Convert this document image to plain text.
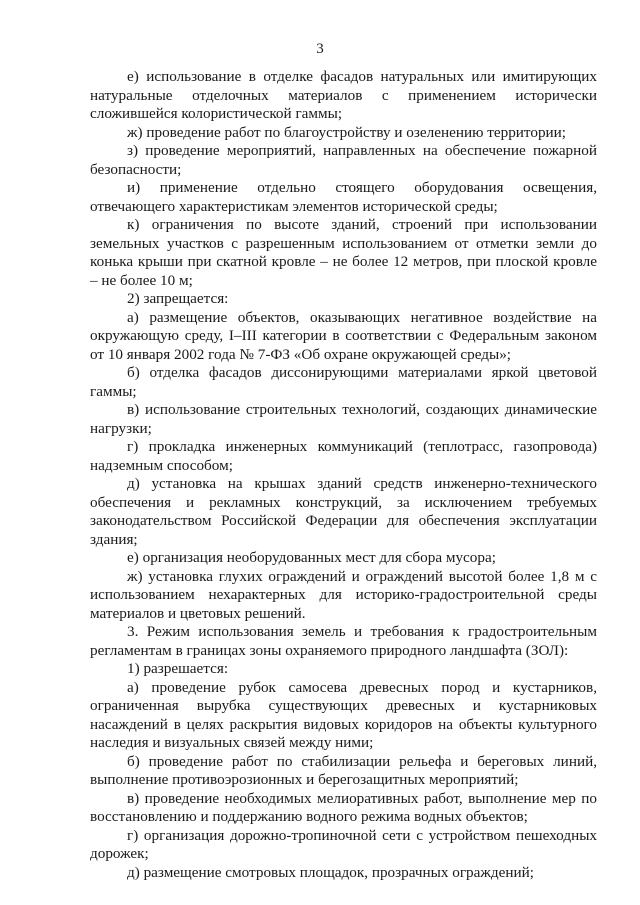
3

е) использование в отделке фасадов натуральных или имитирующих натуральные отделочных материалов с применением исторически сложившейся колористической гаммы;

ж) проведение работ по благоустройству и озеленению территории;

з) проведение мероприятий, направленных на обеспечение пожарной безопасности;

и) применение отдельно стоящего оборудования освещения, отвечающего характеристикам элементов исторической среды;

к) ограничения по высоте зданий, строений при использовании земельных участков с разрешенным использованием от отметки земли до конька крыши при скатной кровле – не более 12 метров, при плоской кровле – не более 10 м;

2) запрещается:

а) размещение объектов, оказывающих негативное воздействие на окружающую среду, I–III категории в соответствии с Федеральным законом от 10 января 2002 года № 7-ФЗ «Об охране окружающей среды»;

б) отделка фасадов диссонирующими материалами яркой цветовой гаммы;

в) использование строительных технологий, создающих динамические нагрузки;

г) прокладка инженерных коммуникаций (теплотрасс, газопровода) надземным способом;

д) установка на крышах зданий средств инженерно-технического обеспечения и рекламных конструкций, за исключением требуемых законодательством Российской Федерации для обеспечения эксплуатации здания;

е) организация необорудованных мест для сбора мусора;

ж) установка глухих ограждений и ограждений высотой более 1,8 м с использованием нехарактерных для историко-градостроительной среды материалов и цветовых решений.

3. Режим использования земель и требования к градостроительным регламентам в границах зоны охраняемого природного ландшафта (ЗОЛ):

1) разрешается:

а) проведение рубок самосева древесных пород и кустарников, ограниченная вырубка существующих древесных и кустарниковых насаждений в целях раскрытия видовых коридоров на объекты культурного наследия и визуальных связей между ними;

б) проведение работ по стабилизации рельефа и береговых линий, выполнение противоэрозионных и берегозащитных мероприятий;

в) проведение необходимых мелиоративных работ, выполнение мер по восстановлению и поддержанию водного режима водных объектов;

г) организация дорожно-тропиночной сети с устройством пешеходных дорожек;

д) размещение смотровых площадок, прозрачных ограждений;
